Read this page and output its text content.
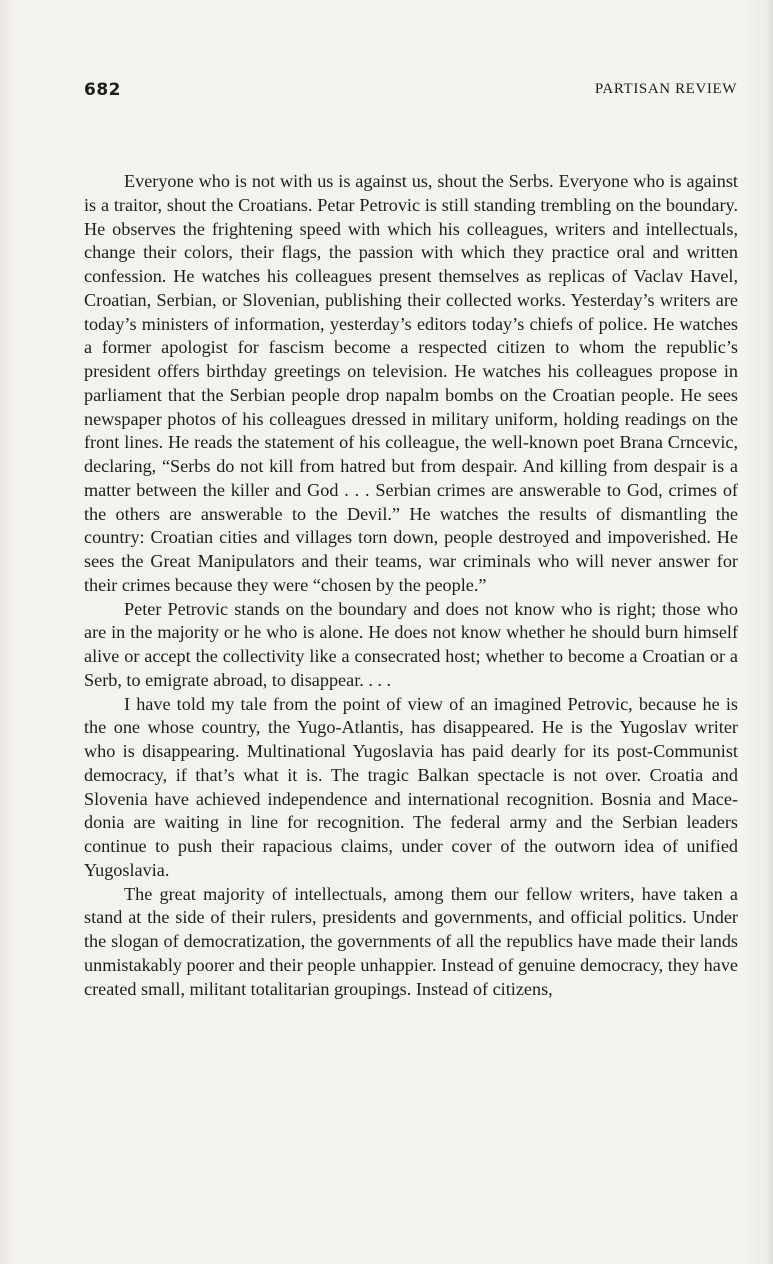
682	PARTISAN REVIEW

Everyone who is not with us is against us, shout the Serbs. Everyone who is against is a traitor, shout the Croatians. Petar Petrovic is still standing trembling on the boundary. He observes the frightening speed with which his colleagues, writers and intellectuals, change their colors, their flags, the passion with which they practice oral and written confession. He watches his colleagues present themselves as replicas of Vaclav Havel, Croatian, Serbian, or Slovenian, publishing their collected works. Yesterday’s writers are today’s ministers of information, yesterday’s editors today’s chiefs of police. He watches a former apologist for fascism become a respected citizen to whom the republic’s president offers birthday greetings on television. He watches his colleagues propose in parliament that the Serbian people drop napalm bombs on the Croatian people. He sees newspaper photos of his colleagues dressed in military uniform, holding readings on the front lines. He reads the statement of his colleague, the well-known poet Brana Crncevic, declaring, “Serbs do not kill from hatred but from despair. And killing from despair is a matter between the killer and God . . . Serbian crimes are answerable to God, crimes of the others are answerable to the Devil.” He watches the results of dismantling the country: Croatian cities and villages torn down, people destroyed and impoverished. He sees the Great Manipulators and their teams, war criminals who will never answer for their crimes because they were “chosen by the people.”

Peter Petrovic stands on the boundary and does not know who is right; those who are in the majority or he who is alone. He does not know whether he should burn himself alive or accept the collectivity like a consecrated host; whether to become a Croatian or a Serb, to emigrate abroad, to disappear. . . .

I have told my tale from the point of view of an imagined Petrovic, because he is the one whose country, the Yugo-Atlantis, has disappeared. He is the Yugoslav writer who is disappearing. Multinational Yugoslavia has paid dearly for its post-Communist democracy, if that’s what it is. The tragic Balkan spectacle is not over. Croatia and Slovenia have achieved independence and international recognition. Bosnia and Macedonia are waiting in line for recognition. The federal army and the Serbian leaders continue to push their rapacious claims, under cover of the outworn idea of unified Yugoslavia.

The great majority of intellectuals, among them our fellow writers, have taken a stand at the side of their rulers, presidents and governments, and official politics. Under the slogan of democratization, the governments of all the republics have made their lands unmistakably poorer and their people unhappier. Instead of genuine democracy, they have created small, militant totalitarian groupings. Instead of citizens,
